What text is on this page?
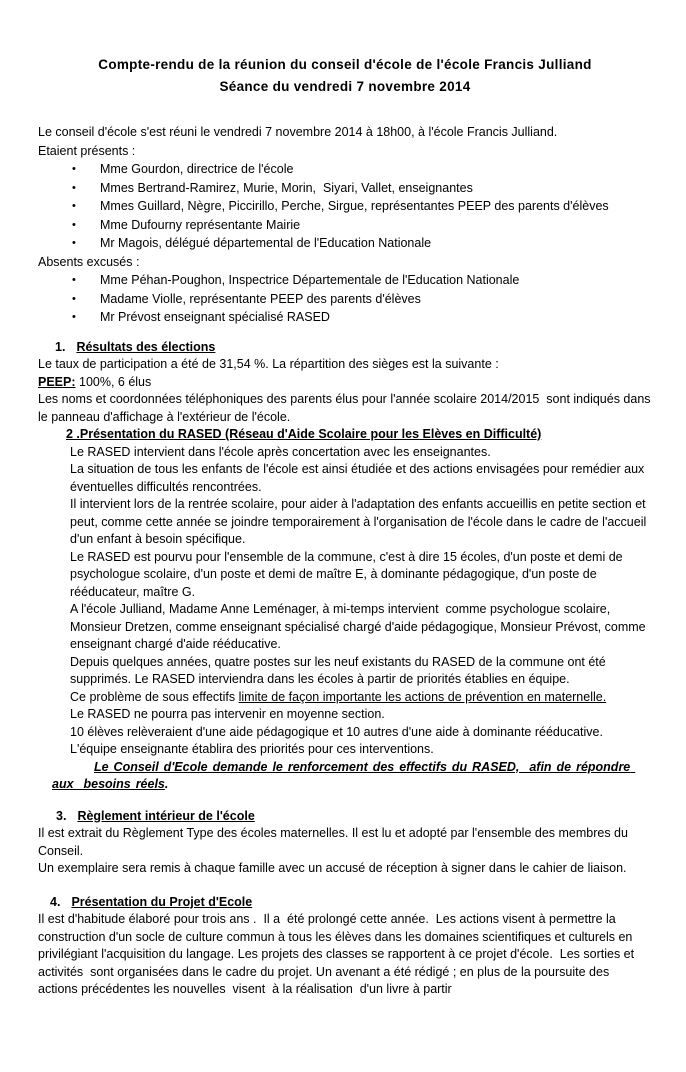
Compte-rendu de la réunion du conseil d'école de l'école Francis Julliand
Séance du vendredi 7 novembre 2014

Le conseil d'école s'est réuni le vendredi 7 novembre 2014 à 18h00, à l'école Francis Julliand.

Etaient présents :

•	Mme Gourdon, directrice de l'école
•	Mmes Bertrand-Ramirez, Murie, Morin,  Siyari, Vallet, enseignantes
•	Mmes Guillard, Nègre, Piccirillo, Perche, Sirgue, représentantes PEEP des parents d'élèves
•	Mme Dufourny représentante Mairie
•	Mr Magois, délégué départemental de l'Education Nationale

Absents excusés :

•	Mme Péhan-Poughon, Inspectrice Départementale de l'Education Nationale
•	Madame Violle, représentante PEEP des parents d'élèves
•	Mr Prévost enseignant spécialisé RASED

1. Résultats des élections

Le taux de participation a été de 31,54 %. La répartition des sièges est la suivante :

PEEP: 100%, 6 élus

Les noms et coordonnées téléphoniques des parents élus pour l'année scolaire 2014/2015  sont indiqués dans le panneau d'affichage à l'extérieur de l'école.

2 .Présentation du RASED (Réseau d'Aide Scolaire pour les Elèves en Difficulté)

Le RASED intervient dans l'école après concertation avec les enseignantes.

La situation de tous les enfants de l'école est ainsi étudiée et des actions envisagées pour remédier aux éventuelles difficultés rencontrées.

Il intervient lors de la rentrée scolaire, pour aider à l'adaptation des enfants accueillis en petite section et peut, comme cette année se joindre temporairement à l'organisation de l'école dans le cadre de l'accueil d'un enfant à besoin spécifique.

Le RASED est pourvu pour l'ensemble de la commune, c'est à dire 15 écoles, d'un poste et demi de psychologue scolaire, d'un poste et demi de maître E, à dominante pédagogique, d'un poste de rééducateur, maître G.

A l'école Julliand, Madame Anne Leménager, à mi-temps intervient  comme psychologue scolaire, Monsieur Dretzen, comme enseignant spécialisé chargé d'aide pédagogique, Monsieur Prévost, comme enseignant chargé d'aide rééducative.

Depuis quelques années, quatre postes sur les neuf existants du RASED de la commune ont été supprimés. Le RASED interviendra dans les écoles à partir de priorités établies en équipe.

Ce problème de sous effectifs limite de façon importante les actions de prévention en maternelle.

Le RASED ne pourra pas intervenir en moyenne section.

10 élèves relèveraient d'une aide pédagogique et 10 autres d'une aide à dominante rééducative.

L'équipe enseignante établira des priorités pour ces interventions.

Le Conseil d'Ecole demande le renforcement des effectifs du RASED,  afin de répondre aux  besoins réels.

3. Règlement intérieur de l'école

Il est extrait du Règlement Type des écoles maternelles. Il est lu et adopté par l'ensemble des membres du Conseil.

Un exemplaire sera remis à chaque famille avec un accusé de réception à signer dans le cahier de liaison.

4. Présentation du Projet d'Ecole

Il est d'habitude élaboré pour trois ans .  Il a  été prolongé cette année.  Les actions visent à permettre la construction d'un socle de culture commun à tous les élèves dans les domaines scientifiques et culturels en privilégiant l'acquisition du langage. Les projets des classes se rapportent à ce projet d'école.  Les sorties et activités  sont organisées dans le cadre du projet. Un avenant a été rédigé ; en plus de la poursuite des actions précédentes les nouvelles  visent  à la réalisation  d'un livre à partir
